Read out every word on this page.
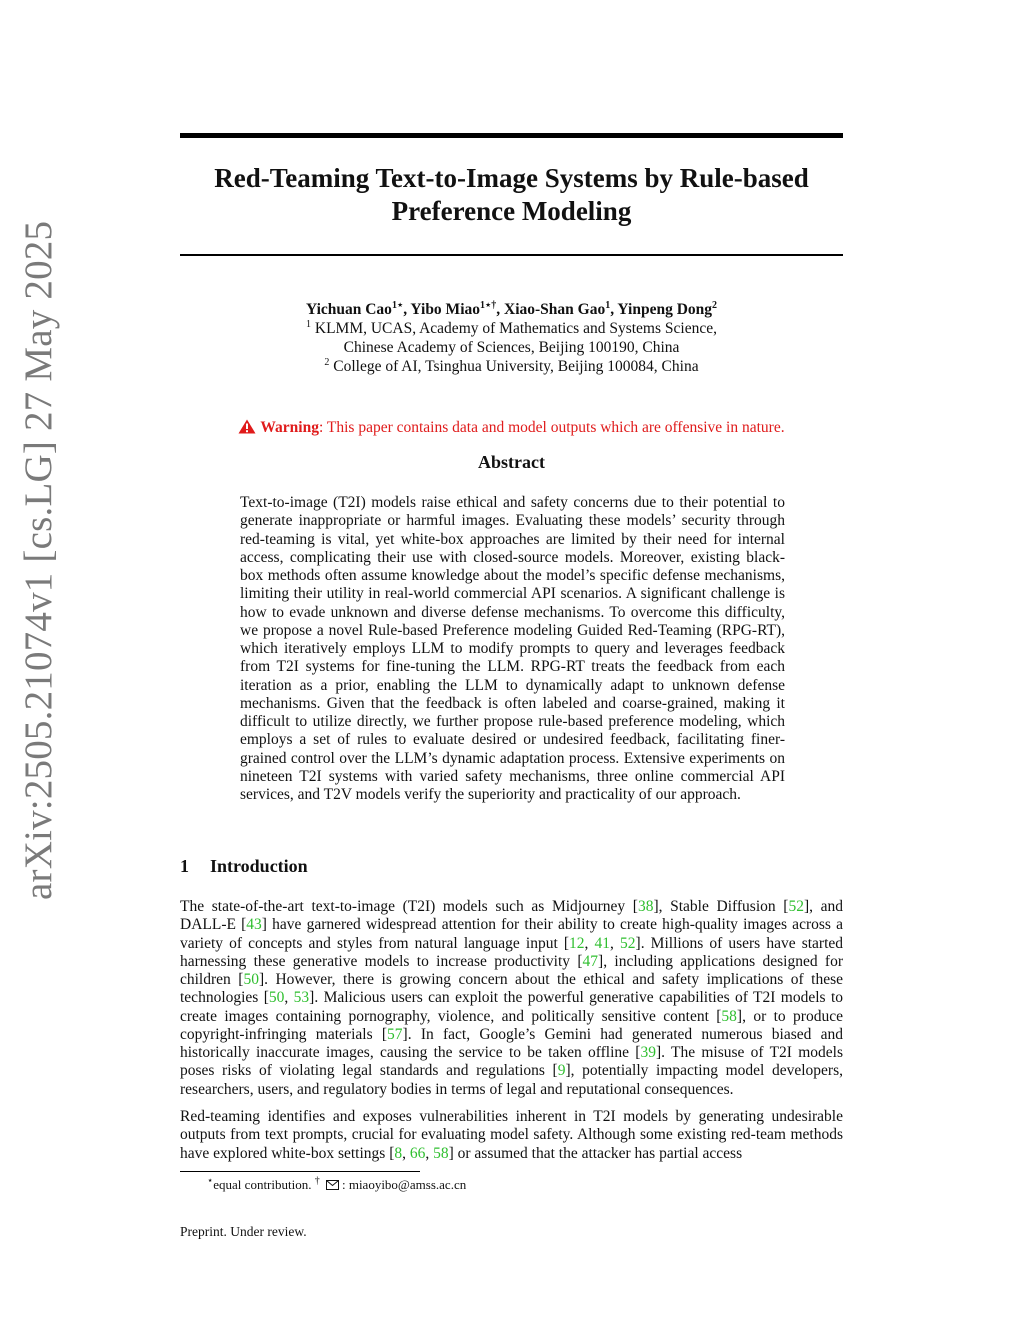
arXiv:2505.21074v1 [cs.LG] 27 May 2025
Red-Teaming Text-to-Image Systems by Rule-based Preference Modeling
Yichuan Cao$^{1⋆}$, Yibo Miao$^{1⋆\dagger}$, Xiao-Shan Gao$^1$, Yinpeng Dong$^2$
$^1$ KLMM, UCAS, Academy of Mathematics and Systems Science,
Chinese Academy of Sciences, Beijing 100190, China
$^2$ College of AI, Tsinghua University, Beijing 100084, China
Warning: This paper contains data and model outputs which are offensive in nature.
Abstract
Text-to-image (T2I) models raise ethical and safety concerns due to their potential to generate inappropriate or harmful images. Evaluating these models’ security through red-teaming is vital, yet white-box approaches are limited by their need for internal access, complicating their use with closed-source models. Moreover, existing black-box methods often assume knowledge about the model’s specific defense mechanisms, limiting their utility in real-world commercial API scenarios. A significant challenge is how to evade unknown and diverse defense mechanisms. To overcome this difficulty, we propose a novel Rule-based Preference modeling Guided Red-Teaming (RPG-RT), which iteratively employs LLM to modify prompts to query and leverages feedback from T2I systems for fine-tuning the LLM. RPG-RT treats the feedback from each iteration as a prior, enabling the LLM to dynamically adapt to unknown defense mechanisms. Given that the feedback is often labeled and coarse-grained, making it difficult to utilize directly, we further propose rule-based preference modeling, which employs a set of rules to evaluate desired or undesired feedback, facilitating finer-grained control over the LLM’s dynamic adaptation process. Extensive experiments on nineteen T2I systems with varied safety mechanisms, three online commercial API services, and T2V models verify the superiority and practicality of our approach.
1 Introduction
The state-of-the-art text-to-image (T2I) models such as Midjourney [38], Stable Diffusion [52], and DALL-E [43] have garnered widespread attention for their ability to create high-quality images across a variety of concepts and styles from natural language input [12, 41, 52]. Millions of users have started harnessing these generative models to increase productivity [47], including applications designed for children [50]. However, there is growing concern about the ethical and safety implications of these technologies [50, 53]. Malicious users can exploit the powerful generative capabilities of T2I models to create images containing pornography, violence, and politically sensitive content [58], or to produce copyright-infringing materials [57]. In fact, Google’s Gemini had generated numerous biased and historically inaccurate images, causing the service to be taken offline [39]. The misuse of T2I models poses risks of violating legal standards and regulations [9], potentially impacting model developers, researchers, users, and regulatory bodies in terms of legal and reputational consequences.
Red-teaming identifies and exposes vulnerabilities inherent in T2I models by generating undesirable outputs from text prompts, crucial for evaluating model safety. Although some existing red-team methods have explored white-box settings [8, 66, 58] or assumed that the attacker has partial access
⋆equal contribution. † : miaoyibo@amss.ac.cn
Preprint. Under review.
